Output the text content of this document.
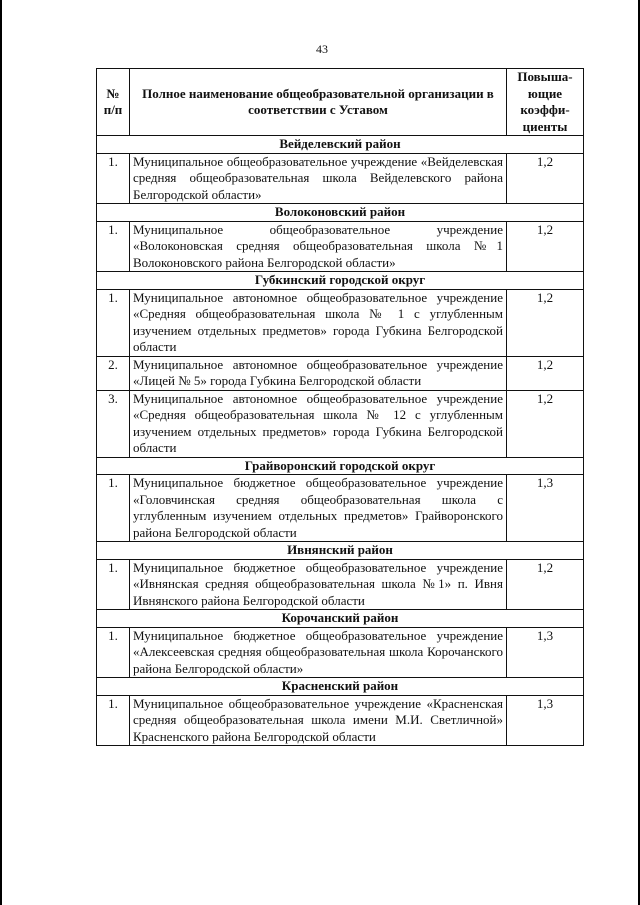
43
№ п/п	Полное наименование общеобразовательной организации в соответствии с Уставом	Повыша-ющие коэффи-циенты
Вейделевский район		
1.	Муниципальное общеобразовательное учреждение «Вейделевская средняя общеобразовательная школа Вейделевского района Белгородской области»	1,2
Волоконовский район		
1.	Муниципальное общеобразовательное учреждение «Волоконовская средняя общеобразовательная школа №1 Волоконовского района Белгородской области»	1,2
Губкинский городской округ		
1.	Муниципальное автономное общеобразовательное учреждение «Средняя общеобразовательная школа № 1 с углубленным изучением отдельных предметов» города Губкина Белгородской области	1,2
2.	Муниципальное автономное общеобразовательное учреждение «Лицей № 5» города Губкина Белгородской области	1,2
3.	Муниципальное автономное общеобразовательное учреждение «Средняя общеобразовательная школа № 12 с углубленным изучением отдельных предметов» города Губкина Белгородской области	1,2
Грайворонский городской округ		
1.	Муниципальное бюджетное общеобразовательное учреждение «Головчинская средняя общеобразовательная школа с углубленным изучением отдельных предметов» Грайворонского района Белгородской области	1,3
Ивнянский район		
1.	Муниципальное бюджетное общеобразовательное учреждение «Ивнянская средняя общеобразовательная школа №1» п. Ивня Ивнянского района Белгородской области	1,2
Корочанский район		
1.	Муниципальное бюджетное общеобразовательное учреждение «Алексеевская средняя общеобразовательная школа Корочанского района Белгородской области»	1,3
Красненский район		
1.	Муниципальное общеобразовательное учреждение «Красненская средняя общеобразовательная школа имени М.И. Светличной» Красненского района Белгородской области	1,3
